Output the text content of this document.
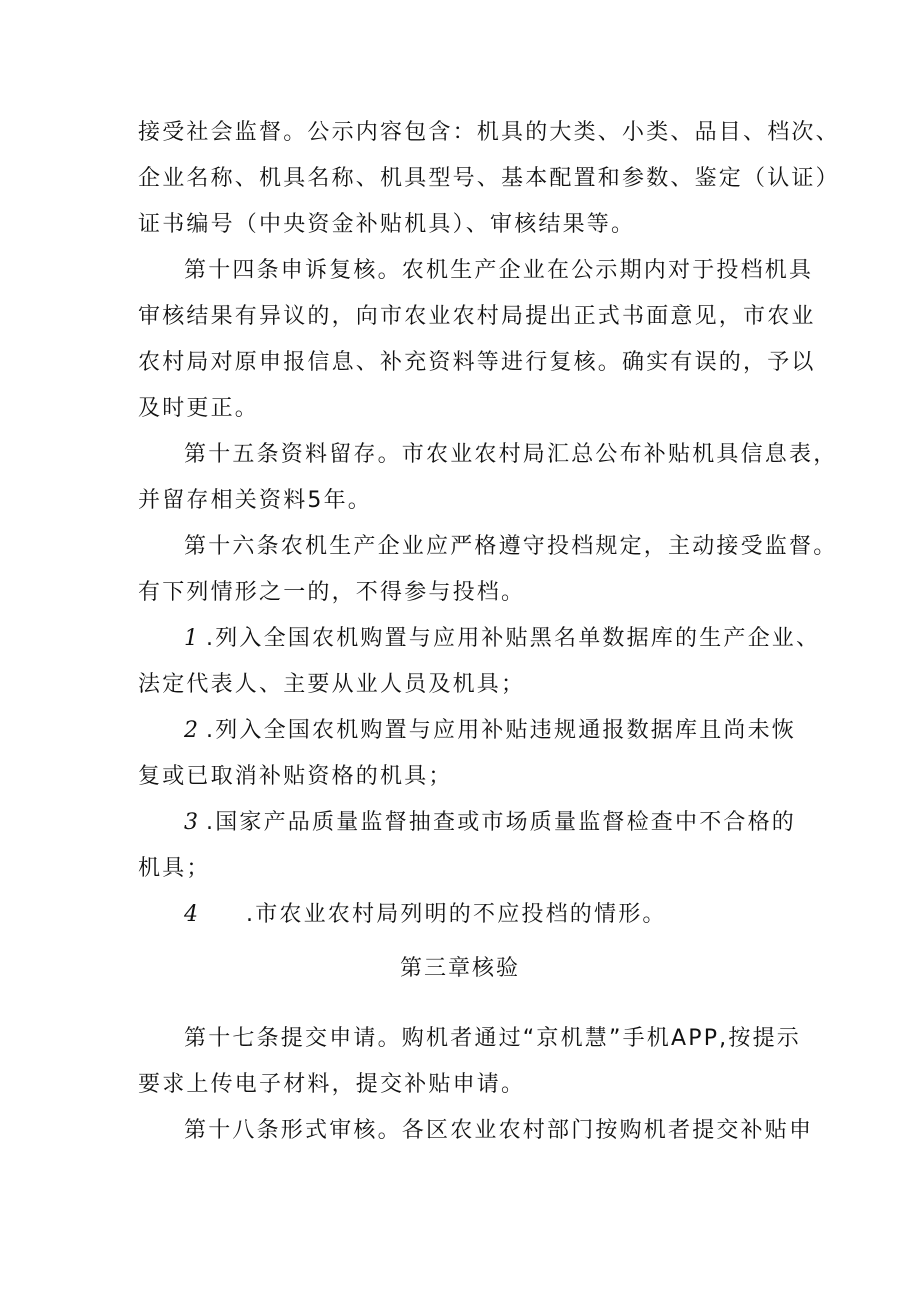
接受社会监督。公示内容包含：机具的大类、小类、品目、档次、

企业名称、机具名称、机具型号、基本配置和参数、鉴定（认证）

证书编号（中央资金补贴机具）、审核结果等。

第十四条申诉复核。农机生产企业在公示期内对于投档机具

审核结果有异议的，向市农业农村局提出正式书面意见，市农业

农村局对原申报信息、补充资料等进行复核。确实有误的，予以

及时更正。

第十五条资料留存。市农业农村局汇总公布补贴机具信息表，

并留存相关资料5年。

第十六条农机生产企业应严格遵守投档规定，主动接受监督。

有下列情形之一的，不得参与投档。

1 .列入全国农机购置与应用补贴黑名单数据库的生产企业、

法定代表人、主要从业人员及机具；

2 .列入全国农机购置与应用补贴违规通报数据库且尚未恢

复或已取消补贴资格的机具；

3 .国家产品质量监督抽查或市场质量监督检查中不合格的

机具；

4 .市农业农村局列明的不应投档的情形。

第三章核验

第十七条提交申请。购机者通过“京机慧”手机APP,按提示

要求上传电子材料，提交补贴申请。

第十八条形式审核。各区农业农村部门按购机者提交补贴申
